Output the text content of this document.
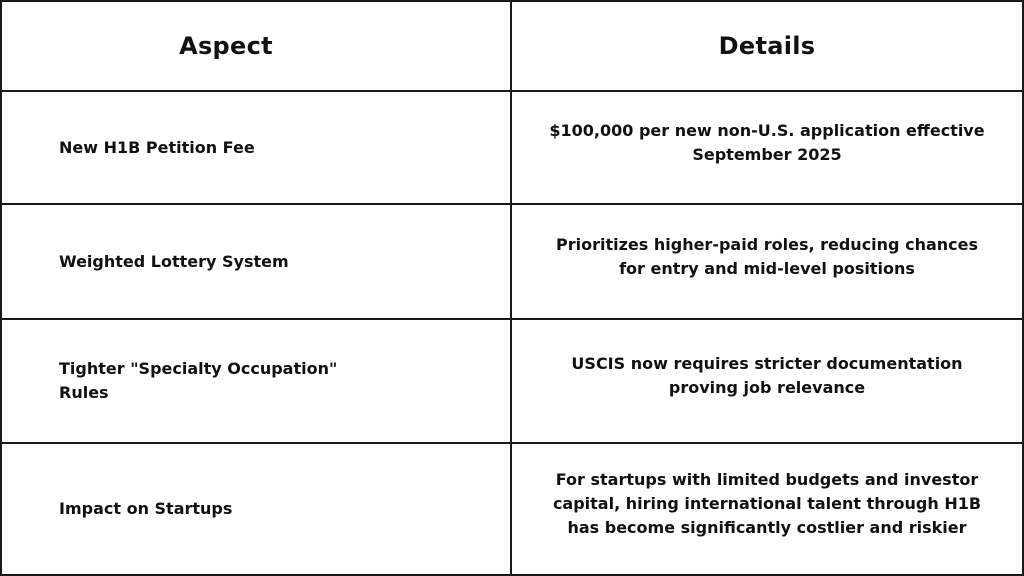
Aspect	Details
New H1B Petition Fee
$100,000 per new non-U.S. application effective September 2025
Weighted Lottery System
Prioritizes higher-paid roles, reducing chances for entry and mid-level positions
Tighter "Specialty Occupation" Rules
USCIS now requires stricter documentation proving job relevance
Impact on Startups
For startups with limited budgets and investor capital, hiring international talent through H1B has become significantly costlier and riskier
